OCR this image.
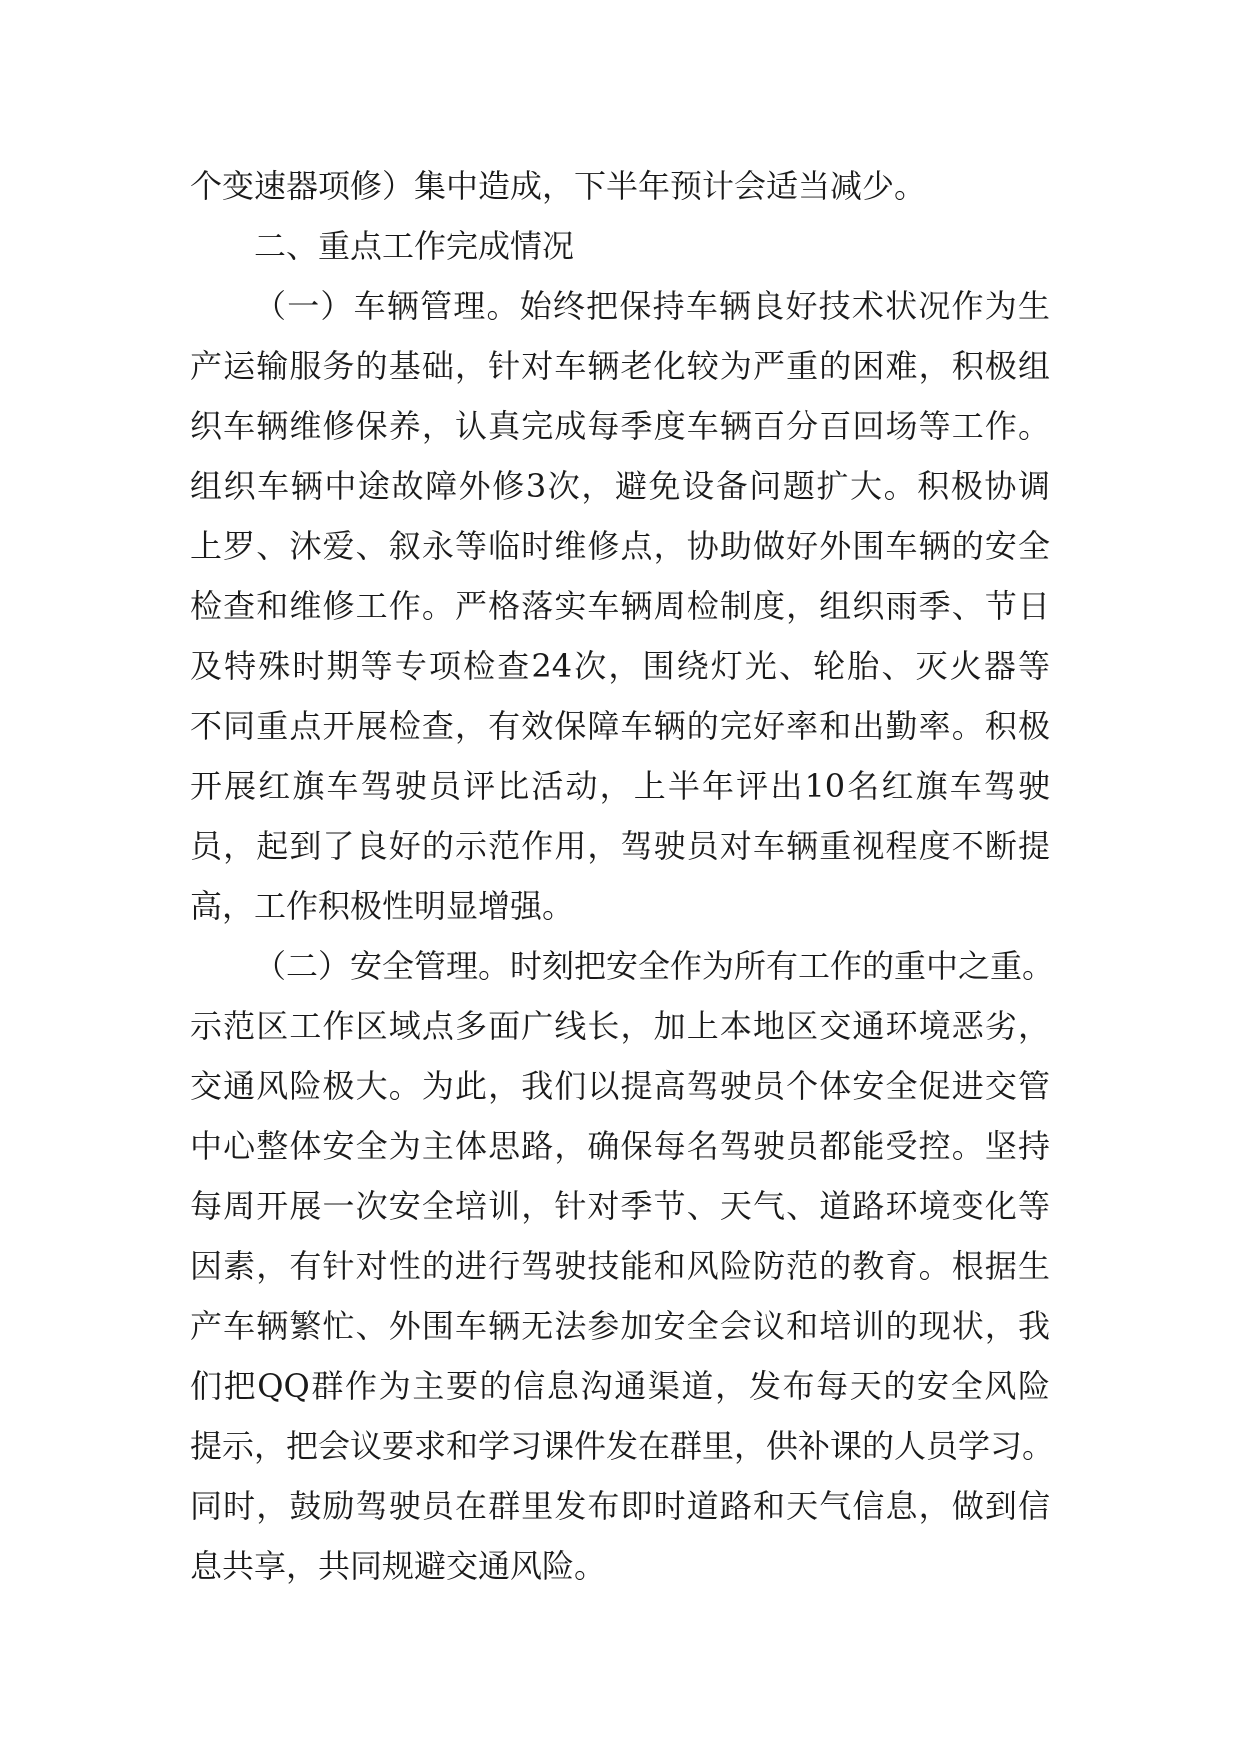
个变速器项修）集中造成，下半年预计会适当减少。
二、重点工作完成情况
（一）车辆管理。始终把保持车辆良好技术状况作为生
产运输服务的基础，针对车辆老化较为严重的困难，积极组
织车辆维修保养，认真完成每季度车辆百分百回场等工作。
组织车辆中途故障外修3次，避免设备问题扩大。积极协调
上罗、沐爱、叙永等临时维修点，协助做好外围车辆的安全
检查和维修工作。严格落实车辆周检制度，组织雨季、节日
及特殊时期等专项检查24次，围绕灯光、轮胎、灭火器等
不同重点开展检查，有效保障车辆的完好率和出勤率。积极
开展红旗车驾驶员评比活动，上半年评出10名红旗车驾驶
员，起到了良好的示范作用，驾驶员对车辆重视程度不断提
高，工作积极性明显增强。
（二）安全管理。时刻把安全作为所有工作的重中之重。
示范区工作区域点多面广线长，加上本地区交通环境恶劣，
交通风险极大。为此，我们以提高驾驶员个体安全促进交管
中心整体安全为主体思路，确保每名驾驶员都能受控。坚持
每周开展一次安全培训，针对季节、天气、道路环境变化等
因素，有针对性的进行驾驶技能和风险防范的教育。根据生
产车辆繁忙、外围车辆无法参加安全会议和培训的现状，我
们把QQ群作为主要的信息沟通渠道，发布每天的安全风险
提示，把会议要求和学习课件发在群里，供补课的人员学习。
同时，鼓励驾驶员在群里发布即时道路和天气信息，做到信
息共享，共同规避交通风险。
